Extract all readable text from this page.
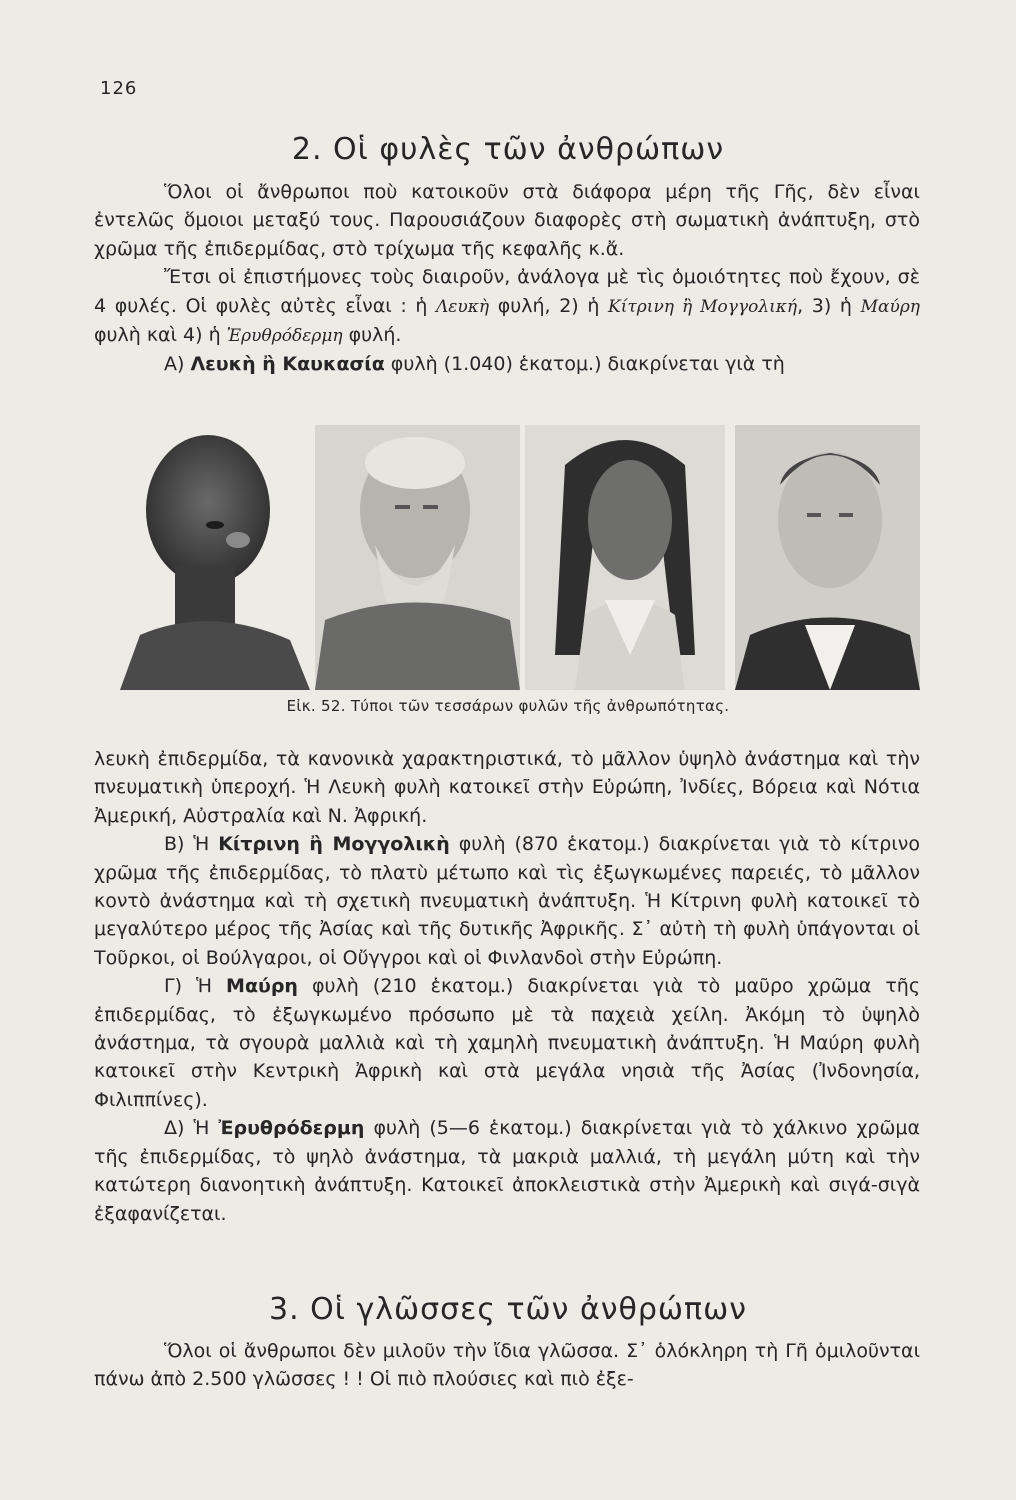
126
2. Οἱ φυλὲς τῶν ἀνθρώπων

Ὅλοι οἱ ἄνθρωποι ποὺ κατοικοῦν στὰ διάφορα μέρη τῆς Γῆς, δὲν εἶναι ἐντελῶς ὅμοιοι μεταξύ τους. Παρουσιάζουν διαφορὲς στὴ σωματικὴ ἀνάπτυξη, στὸ χρῶμα τῆς ἐπιδερμίδας, στὸ τρίχωμα τῆς κεφαλῆς κ.ἄ.

Ἔτσι οἱ ἐπιστήμονες τοὺς διαιροῦν, ἀνάλογα μὲ τὶς ὁμοιότητες ποὺ ἔχουν, σὲ 4 φυλές. Οἱ φυλὲς αὐτὲς εἶναι : ἡ Λευκὴ φυλή, 2) ἡ Κίτρινη ἢ Μογγολική, 3) ἡ Μαύρη φυλὴ καὶ 4) ἡ Ἐρυθρόδερμη φυλή.

Α) Λευκὴ ἢ Καυκασία φυλὴ (1.040) ἑκατομ.) διακρίνεται γιὰ τὴ

Εἰκ. 52. Τύποι τῶν τεσσάρων φυλῶν τῆς ἀνθρωπότητας.

λευκὴ ἐπιδερμίδα, τὰ κανονικὰ χαρακτηριστικά, τὸ μᾶλλον ὑψηλὸ ἀνάστημα καὶ τὴν πνευματικὴ ὑπεροχή. Ἡ Λευκὴ φυλὴ κατοικεῖ στὴν Εὐρώπη, Ἰνδίες, Βόρεια καὶ Νότια Ἀμερική, Αὐστραλία καὶ Ν. Ἀφρική.

Β) Ἡ Κίτρινη ἢ Μογγολικὴ φυλὴ (870 ἑκατομ.) διακρίνεται γιὰ τὸ κίτρινο χρῶμα τῆς ἐπιδερμίδας, τὸ πλατὺ μέτωπο καὶ τὶς ἐξωγκωμένες παρειές, τὸ μᾶλλον κοντὸ ἀνάστημα καὶ τὴ σχετικὴ πνευματικὴ ἀνάπτυξη. Ἡ Κίτρινη φυλὴ κατοικεῖ τὸ μεγαλύτερο μέρος τῆς Ἀσίας καὶ τῆς δυτικῆς Ἀφρικῆς. Σ᾿ αὐτὴ τὴ φυλὴ ὑπάγονται οἱ Τοῦρκοι, οἱ Βούλγαροι, οἱ Οὔγγροι καὶ οἱ Φινλανδοὶ στὴν Εὐρώπη.

Γ) Ἡ Μαύρη φυλὴ (210 ἑκατομ.) διακρίνεται γιὰ τὸ μαῦρο χρῶμα τῆς ἐπιδερμίδας, τὸ ἐξωγκωμένο πρόσωπο μὲ τὰ παχειὰ χείλη. Ἀκόμη τὸ ὑψηλὸ ἀνάστημα, τὰ σγουρὰ μαλλιὰ καὶ τὴ χαμηλὴ πνευματικὴ ἀνάπτυξη. Ἡ Μαύρη φυλὴ κατοικεῖ στὴν Κεντρικὴ Ἀφρικὴ καὶ στὰ μεγάλα νησιὰ τῆς Ἀσίας (Ἰνδονησία, Φιλιππίνες).

Δ) Ἡ Ἐρυθρόδερμη φυλὴ (5—6 ἑκατομ.) διακρίνεται γιὰ τὸ χάλκινο χρῶμα τῆς ἐπιδερμίδας, τὸ ψηλὸ ἀνάστημα, τὰ μακριὰ μαλλιά, τὴ μεγάλη μύτη καὶ τὴν κατώτερη διανοητικὴ ἀνάπτυξη. Κατοικεῖ ἀποκλειστικὰ στὴν Ἀμερικὴ καὶ σιγά-σιγὰ ἐξαφανίζεται.

3. Οἱ γλῶσσες τῶν ἀνθρώπων

Ὅλοι οἱ ἄνθρωποι δὲν μιλοῦν τὴν ἴδια γλῶσσα. Σ᾿ ὁλόκληρη τὴ Γῆ ὁμιλοῦνται πάνω ἀπὸ 2.500 γλῶσσες ! ! Οἱ πιὸ πλούσιες καὶ πιὸ ἐξε-
